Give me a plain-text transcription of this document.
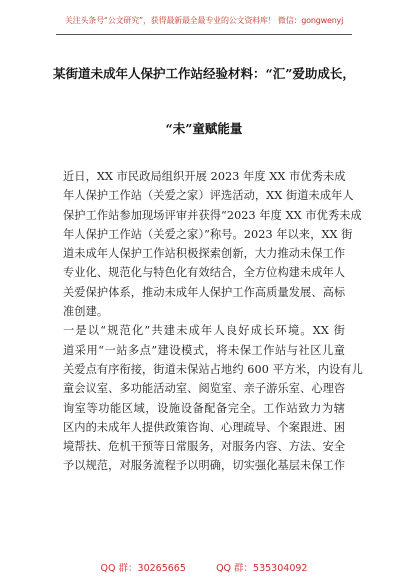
关注头条号“公文研究”，获得最新最全最专业的公文资料库！ 微信：gongwenyj
某街道未成年人保护工作站经验材料：“汇”爱助成长，
“未”童赋能量
近日，XX 市民政局组织开展 2023 年度 XX 市优秀未成
年人保护工作站（关爱之家）评选活动，XX 街道未成年人
保护工作站参加现场评审并获得“2023 年度 XX 市优秀未成
年人保护工作站（关爱之家）”称号。2023 年以来，XX 街
道未成年人保护工作站积极探索创新，大力推动未保工作
专业化、规范化与特色化有效结合，全方位构建未成年人
关爱保护体系，推动未成年人保护工作高质量发展、高标
准创建。
一是以“规范化”共建未成年人良好成长环境。XX 街
道采用“一站多点”建设模式，将未保工作站与社区儿童
关爱点有序衔接，街道未保站占地约 600 平方米，内设有儿
童会议室、多功能活动室、阅览室、亲子游乐室、心理咨
询室等功能区域，设施设备配备完全。工作站致力为辖
区内的未成年人提供政策咨询、心理疏导、个案跟进、困
境帮扶、危机干预等日常服务，对服务内容、方法、安全
予以规范，对服务流程予以明确，切实强化基层未保工作
QQ 群：30265665          QQ 群：535304092
